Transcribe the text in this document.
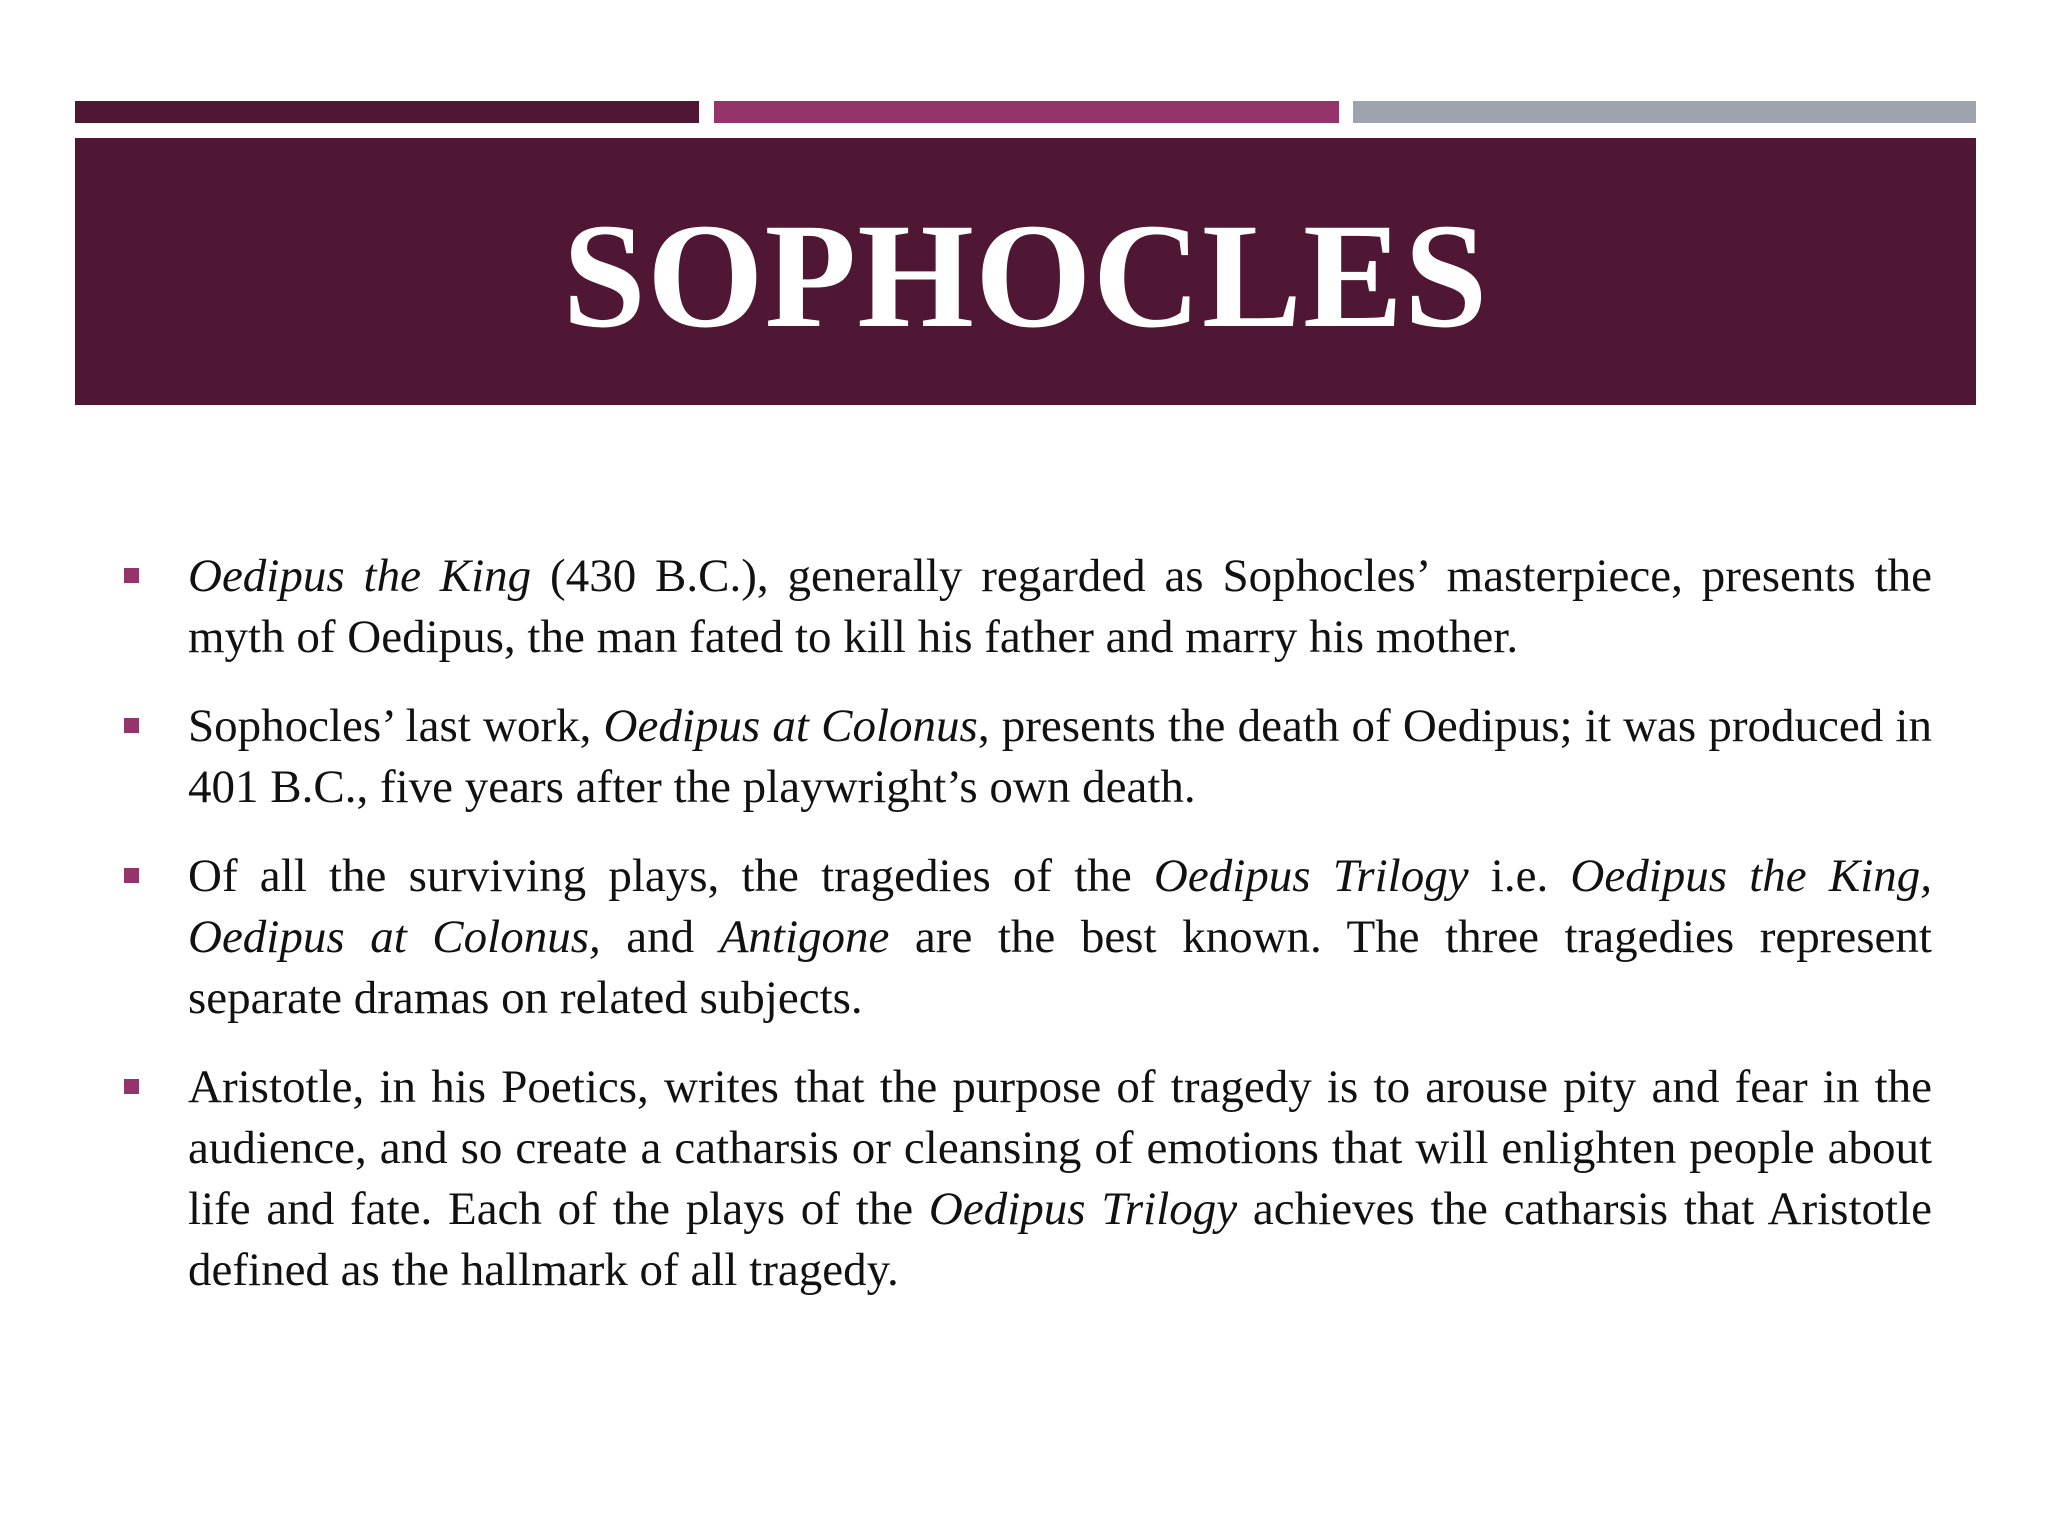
SOPHOCLES
Oedipus the King (430 B.C.), generally regarded as Sophocles’ masterpiece, presents the myth of Oedipus, the man fated to kill his father and marry his mother.
Sophocles’ last work, Oedipus at Colonus, presents the death of Oedipus; it was produced in 401 B.C., five years after the playwright’s own death.
Of all the surviving plays, the tragedies of the Oedipus Trilogy i.e. Oedipus the King, Oedipus at Colonus, and Antigone are the best known. The three tragedies represent separate dramas on related subjects.
Aristotle, in his Poetics, writes that the purpose of tragedy is to arouse pity and fear in the audience, and so create a catharsis or cleansing of emotions that will enlighten people about life and fate. Each of the plays of the Oedipus Trilogy achieves the catharsis that Aristotle defined as the hallmark of all tragedy.
